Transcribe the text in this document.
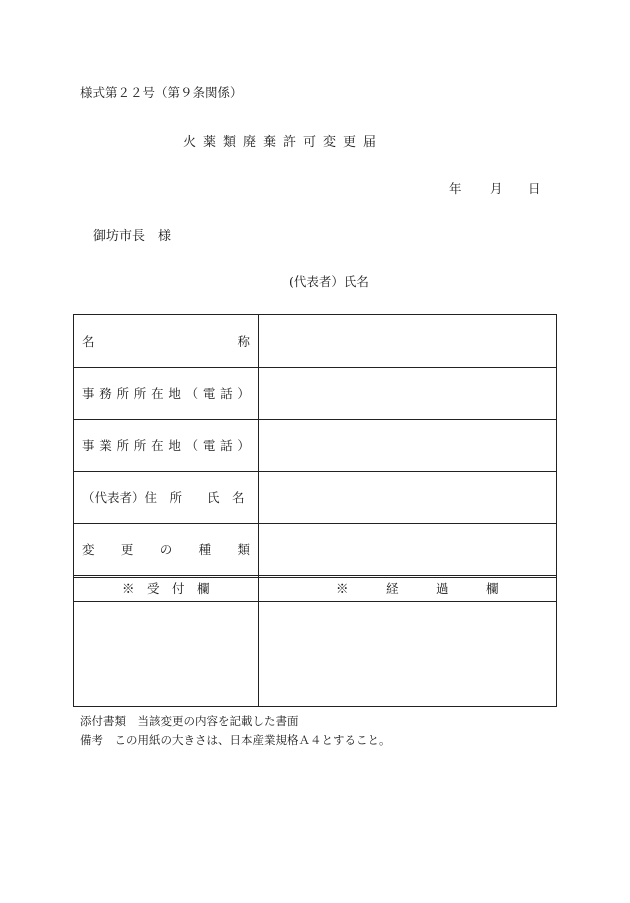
様式第２２号（第９条関係）
火薬類廃棄許可変更届
年 月 日
御坊市長　様
(代表者）氏名
名	称
事 務 所 所 在 地 （ 電 話 ）
事 業 所 所 在 地 （ 電 話 ）
（代表者）住　所　　氏　名
変 更 の 種 類
※　受　付　欄	※　　　経　　　過　　　欄
添付書類　当該変更の内容を記載した書面
備考　この用紙の大きさは、日本産業規格Ａ４とすること。
